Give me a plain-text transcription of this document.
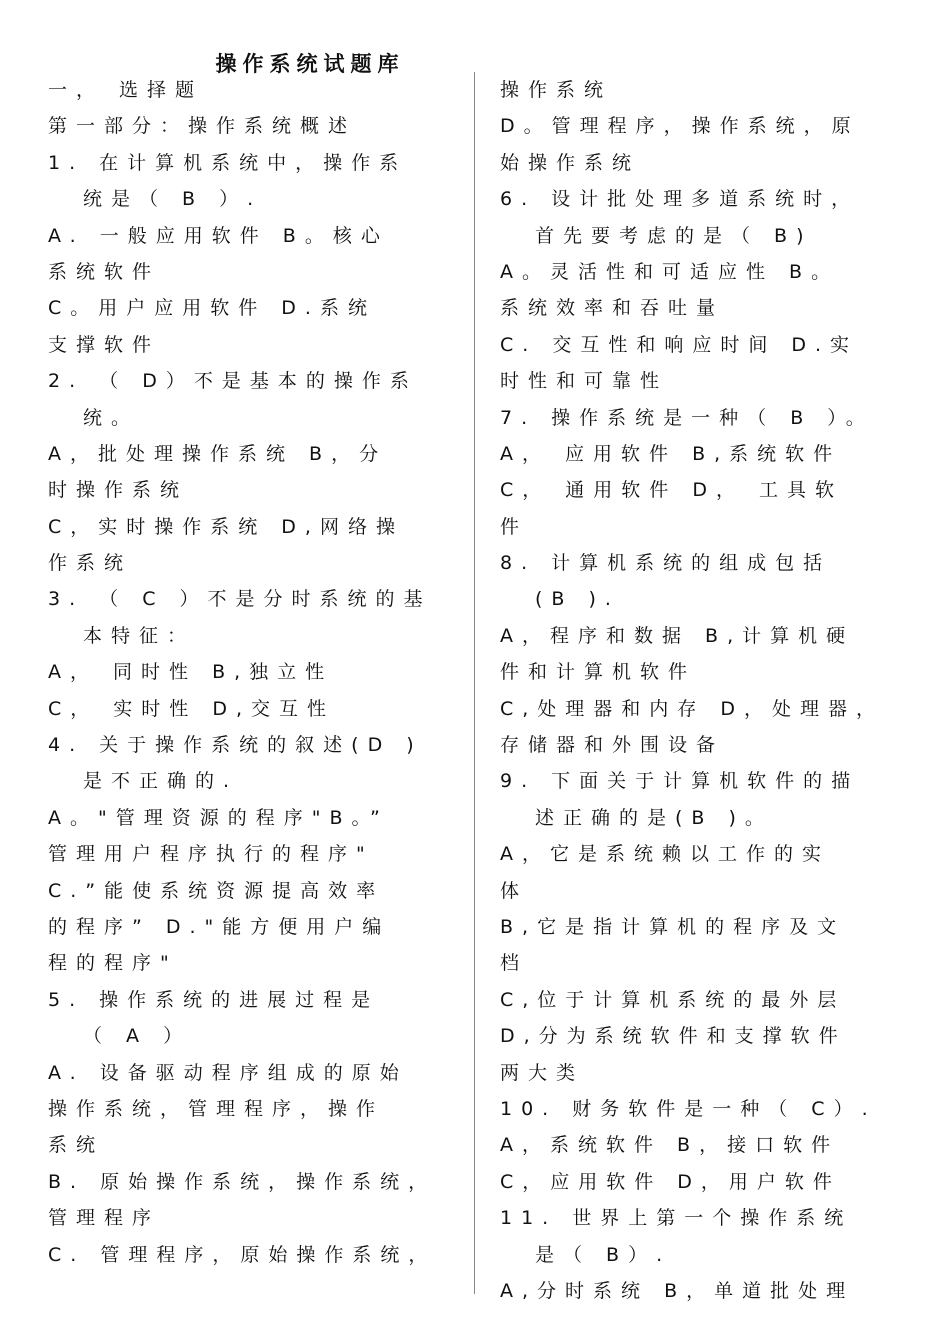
操作系统试题库
一， 选择题
第一部分：操作系统概述
1. 在计算机系统中，操作系
统是（ B ）.
A. 一般应用软件 B。核心
系统软件
C。用户应用软件 D.系统
支撑软件
2. （ D）不是基本的操作系
统。
A，批处理操作系统 B，分
时操作系统
C，实时操作系统 D,网络操
作系统
3. （ C ）不是分时系统的基
本特征：
A， 同时性 B,独立性
C， 实时性 D,交互性
4. 关于操作系统的叙述(D )
是不正确的.
A。"管理资源的程序"B。”
管理用户程序执行的程序"
C.”能使系统资源提高效率
的程序” D."能方便用户编
程的程序"
5. 操作系统的进展过程是
（ A ）
A. 设备驱动程序组成的原始
操作系统，管理程序，操作
系统
B. 原始操作系统，操作系统，
管理程序
C. 管理程序，原始操作系统，
操作系统
D。管理程序，操作系统，原
始操作系统
6. 设计批处理多道系统时，
首先要考虑的是（ B)
A。灵活性和可适应性 B。
系统效率和吞吐量
C. 交互性和响应时间 D.实
时性和可靠性
7. 操作系统是一种（ B ）。
A， 应用软件 B,系统软件
C， 通用软件 D， 工具软
件
8. 计算机系统的组成包括
(B ).
A，程序和数据 B,计算机硬
件和计算机软件
C,处理器和内存 D，处理器，
存储器和外围设备
9. 下面关于计算机软件的描
述正确的是(B )。
A，它是系统赖以工作的实
体
B,它是指计算机的程序及文
档
C,位于计算机系统的最外层
D,分为系统软件和支撑软件
两大类
10. 财务软件是一种（ C）.
A，系统软件 B，接口软件
C，应用软件 D，用户软件
11. 世界上第一个操作系统
是（ B）.
A,分时系统 B，单道批处理
